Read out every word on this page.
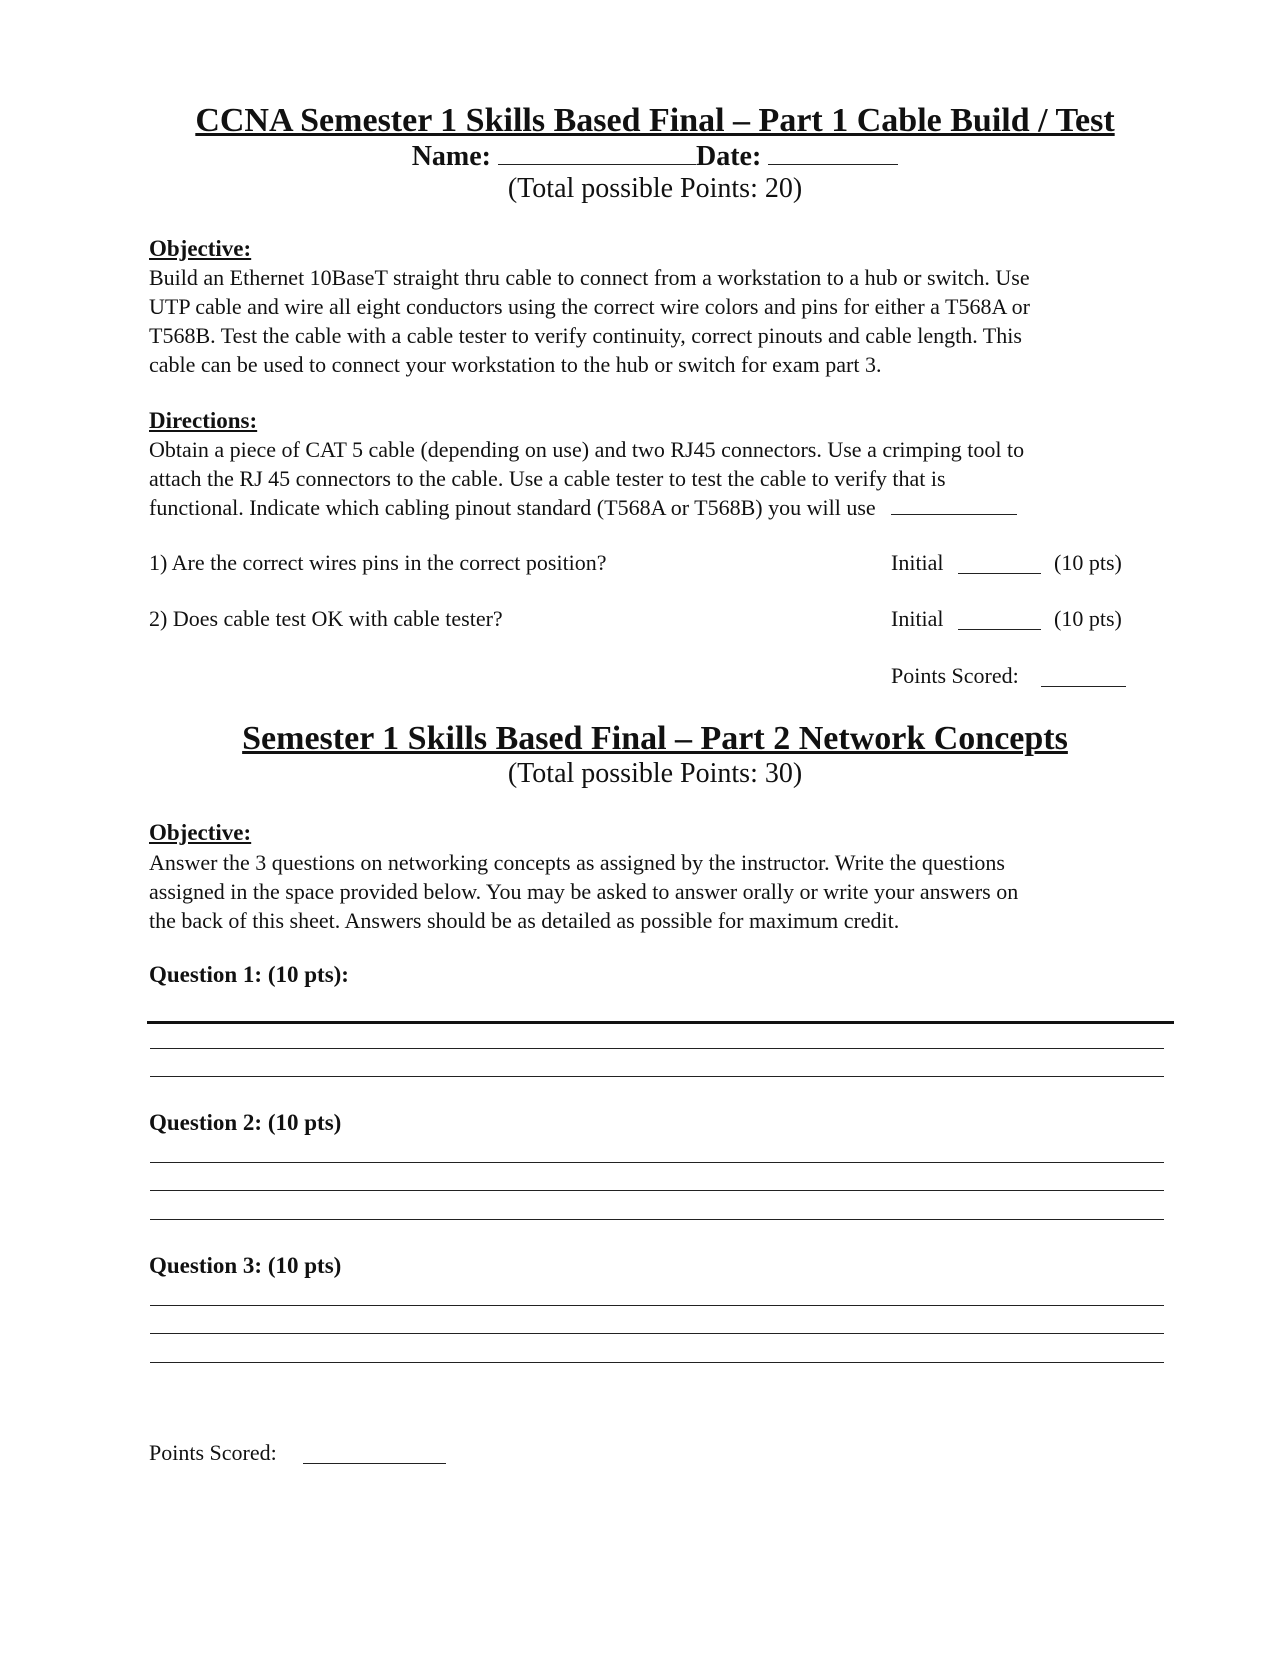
CCNA Semester 1 Skills Based Final – Part 1 Cable Build / Test
Name:	Date:
(Total possible Points: 20)
Objective:

Build an Ethernet 10BaseT straight thru cable to connect from a workstation to a hub or switch. Use

UTP cable and wire all eight conductors using the correct wire colors and pins for either a T568A or

T568B. Test the cable with a cable tester to verify continuity, correct pinouts and cable length. This

cable can be used to connect your workstation to the hub or switch for exam part 3.

Directions:

Obtain a piece of CAT 5 cable (depending on use) and two RJ45 connectors. Use a crimping tool to

attach the RJ 45 connectors to the cable. Use a cable tester to test the cable to verify that is

functional. Indicate which cabling pinout standard (T568A or T568B) you will use

1) Are the correct wires pins in the correct position?	Initial	(10 pts)
2) Does cable test OK with cable tester?	Initial	(10 pts)
Points Scored:
Semester 1 Skills Based Final – Part 2 Network Concepts
(Total possible Points: 30)
Objective:

Answer the 3 questions on networking concepts as assigned by the instructor. Write the questions

assigned in the space provided below. You may be asked to answer orally or write your answers on

the back of this sheet. Answers should be as detailed as possible for maximum credit.

Question 1: (10 pts):
Question 2: (10 pts)
Question 3: (10 pts)
Points Scored:
